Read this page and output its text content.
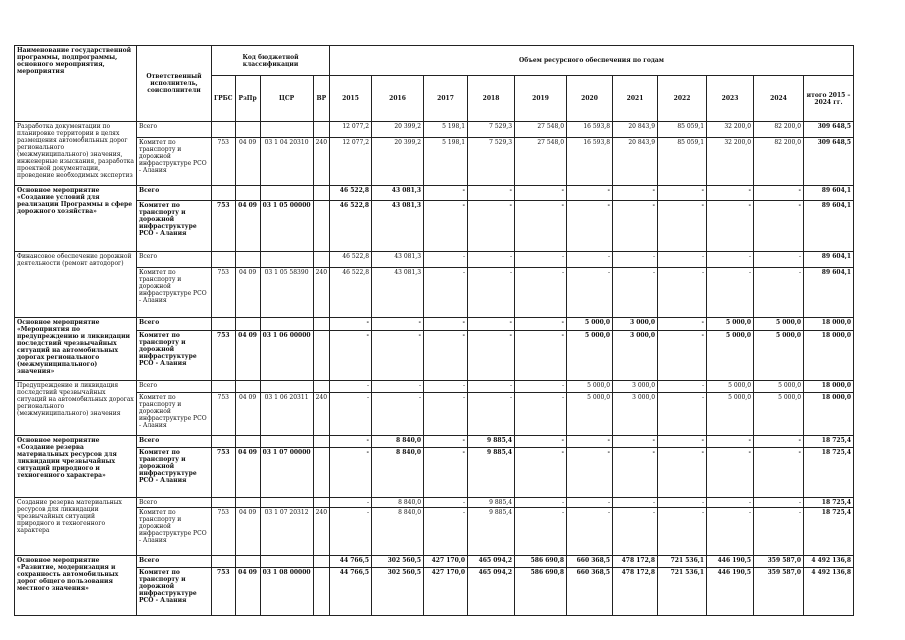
Наименование государственной программы, подпрограммы, основного мероприятия, мероприятия	Ответственный исполнитель, соисполнители	Код бюджетной классификации				Объем ресурсного обеспечения по годам										
		ГРБС	РзПр	ЦСР	ВР	2015	2016	2017	2018	2019	2020	2021	2022	2023	2024	итого 2015 – 2024 гг.
Разработка документации по планировке территории в целях размещения автомобильных дорог регионального (межмуниципального) значения, инженерные изыскания, разработка проектной документации, проведение необходимых экспертиз	Всего					12 077,2	20 399,2	5 198,1	7 529,3	27 548,0	16 593,8	20 843,9	85 059,1	32 200,0	82 200,0	309 648,5
	Комитет по транспорту и дорожной инфраструктуре РСО - Алания	753	04 09	03 1 04 20310	240	12 077,2	20 399,2	5 198,1	7 529,3	27 548,0	16 593,8	20 843,9	85 059,1	32 200,0	82 200,0	309 648,5
Основное мероприятие «Создание условий для реализации Программы в сфере дорожного хозяйства»	Всего					46 522,8	43 081,3	-	-	-	-	-	-	-	-	89 604,1
	Комитет по транспорту и дорожной инфраструктуре РСО - Алания	753	04 09	03 1 05 00000		46 522,8	43 081,3	-	-	-	-	-	-	-	-	89 604,1
Финансовое обеспечение дорожной деятельности (ремонт автодорог)	Всего					46 522,8	43 081,3	-	-	-	-	-	-	-	-	89 604,1
	Комитет по транспорту и дорожной инфраструктуре РСО - Алания	753	04 09	03 1 05 58390	240	46 522,8	43 081,3	-	-	-	-	-	-	-	-	89 604,1
Основное мероприятие «Мероприятия по предупреждению и ликвидации последствий чрезвычайных ситуаций на автомобильных дорогах регионального (межмуниципального) значения»	Всего					-	-	-	-	-	5 000,0	3 000,0	-	5 000,0	5 000,0	18 000,0
	Комитет по транспорту и дорожной инфраструктуре РСО - Алания	753	04 09	03 1 06 00000		-	-	-	-	-	5 000,0	3 000,0	-	5 000,0	5 000,0	18 000,0
Предупреждение и ликвидация последствий чрезвычайных ситуаций на автомобильных дорогах регионального (межмуниципального) значения	Всего					-	-	-	-	-	5 000,0	3 000,0	-	5 000,0	5 000,0	18 000,0
	Комитет по транспорту и дорожной инфраструктуре РСО - Алания	753	04 09	03 1 06 20311	240	-	-	-	-	-	5 000,0	3 000,0	-	5 000,0	5 000,0	18 000,0
Основное мероприятие «Создание резерва материальных ресурсов для ликвидации чрезвычайных ситуаций природного и техногенного характера»	Всего					-	8 840,0	-	9 885,4	-	-	-	-	-	-	18 725,4
	Комитет по транспорту и дорожной инфраструктуре РСО - Алания	753	04 09	03 1 07 00000		-	8 840,0	-	9 885,4	-	-	-	-	-	-	18 725,4
Создание резерва материальных ресурсов для ликвидации чрезвычайных ситуаций природного и техногенного характера	Всего					-	8 840,0	-	9 885,4	-	-	-	-	-	-	18 725,4
	Комитет по транспорту и дорожной инфраструктуре РСО - Алания	753	04 09	03 1 07 20312	240	-	8 840,0	-	9 885,4	-	-	-	-	-	-	18 725,4
Основное мероприятие «Развитие, модернизация и сохранность автомобильных дорог общего пользования местного значения»	Всего					44 766,5	302 560,5	427 170,0	465 094,2	586 690,8	660 368,5	478 172,8	721 536,1	446 190,5	359 587,0	4 492 136,8
	Комитет по транспорту и дорожной инфраструктуре РСО - Алания	753	04 09	03 1 08 00000		44 766,5	302 560,5	427 170,0	465 094,2	586 690,8	660 368,5	478 172,8	721 536,1	446 190,5	359 587,0	4 492 136,8
